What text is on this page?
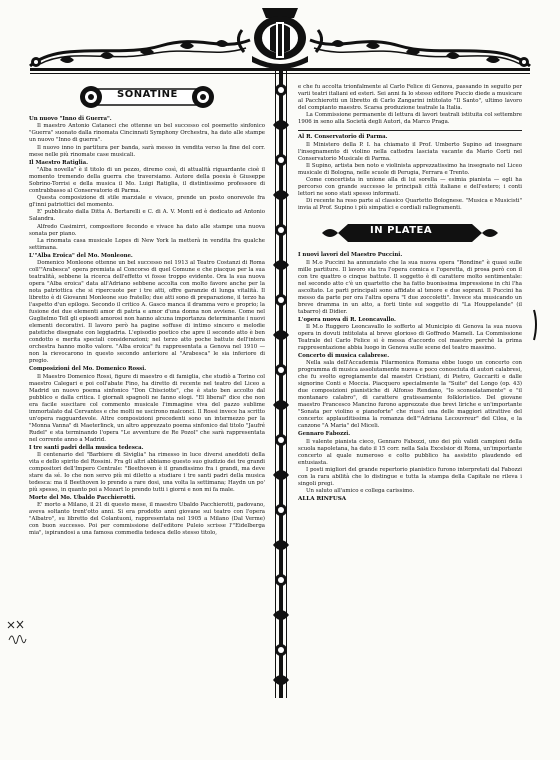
SONATINE

Un nuovo "Inno di Guerra".

Il maestro Antonio Cataneci che ottenne un bel successo col poemetto sinfonico "Guerra" suonato dalla rinomata Cincinnati Symphony Orchestra, ha dato alle stampe un nuovo "Inno di guerra".

Il nuovo inno in partitura per banda, sarà messo in vendita verso la fine del corr. mese nelle più rinomate case musicali.

Il Maestro Ratiglia.

"Alba novella" è il titolo di un pezzo, diremo così, di attualità riguardante cioè il momento tremendo della guerra che traversiamo. Autore della poesia è Giuseppe Sobrino-Torrisi e della musica il Mo. Luigi Ratiglia, il distintissimo professore di contrabbasso al Conservatorio di Parma.

Questa composizione di stile marziale e vivace, prende un posto onorevole fra gl'inni patriottici del momento.

E' pubblicato dalla Ditta A. Bertarelli e C. di A. V. Monti ed è dedicato ad Antonio Salandra.

Alfredo Casimirri, compositore fecondo e vivace ha dato alle stampe una nuova sonata per piano.

La rinomata casa musicale Lopes di New York la metterà in vendita fra qualche settimana.

L'"Alba Eroica" del Mo. Monleone.

Domenico Monleone ottenne un bel successo nel 1913 al Teatro Costanzi di Roma coll'"Arabesca" opera premiata al Concorso di quel Comune e che piacque per la sua teatralità, sebbene la ricerca dell'effetto vi fosse troppo evidente. Ora la sua nuova opera "Alba eroica" data all'Adriano sebbene accolta con molto favore anche per la nota patriottica che si ripercuote per i tre atti, offre garanzie di lunga vitalità. Il libretto è di Giovanni Monleone suo fratello; due atti sono di preparazione, il terzo ha l'aspetto d'un epilogo. Secondo il critico A. Gasco manca il dramma vero e proprio; la fusione dei due elementi amor di patria e amor d'una donna non avviene. Come nel Guglielmo Tell gli episodi amorosi non hanno alcuna importanza determinante i nuovi elementi decorativi. Il lavoro però ha pagine soffuse di intimo sincero e melodie patetiche disegnate con leggiadria. L'episodio poetico che apre il secondo atto è ben condotto e merita speciali considerazioni; nel terzo atto poche battute dell'intera orchestra hanno molto valore. "Alba eroica" fu rappresentata a Genova nel 1910 — non la rievocarono in questo secondo anteriore al "Arabesca" le sia inferiore di pregio.

Composizioni del Mo. Domenico Rossi.

Il Maestro Domenico Rossi, figure di maestro e di famiglia, che studiò a Torino col maestro Calegari e poi coll'abate Fino, ha diretto di recente nel teatro del Liceo a Madrid un nuovo poema sinfonico "Don Chisciotte", che è stato ben accolto dal pubblico e dalla critica. I giornali spagnoli ne fanno elogi. "El liberal" dice che non era facile suscitare col commento musicale l'immagine viva del pazzo sublime immortalato dal Cervantes e che molti ne uscirono malconci. Il Rossi invece ha scritto un'opera ragguardevole. Altre composizioni precedenti sono un intermezzo per la "Monna Vanna" di Maeterlinck, un altro apprezzato poema sinfonico dal titolo "Jaufré Rudel" e sta terminando l'opera "Le avventure de Re Pozol" che sarà rappresentata nel corrente anno a Madrid.

I tre santi padri della musica tedesca.

Il centenario del "Barbiere di Siviglia" ha rimesso in luce diversi aneddoti della vita e dello spirito del Rossini. Fra gli altri abbiamo questo suo giudizio dei tre grandi compositori dell'Impero Centrale: "Beethoven è il grandissimo fra i grandi, ma deve stare da sé. Io che non servo più mi diletto a studiare i tre santi padri della musica tedesca: ma il Beethoven lo prendo a rare dosi, una volta la settimana; Haydn un po' più spesso, in quanto poi a Mozart lo prendo tutti i giorni e non mi fa male.

Morte del Mo. Ubaldo Pacchierotti.

E' morto a Milano, il 21 di questo mese, il maestro Ubaldo Pacchierotti, padovano, aveva soltanto trent'otto anni. Si era prodotto anni giovane sui teatro con l'opera "Albatro", su libretto del Colantuoni, rappresentata nel 1905 a Milano (Dal Verme) con buon successo. Poi per commissione dell'editore Puleio scrisse l'"Eidelberga mia", ispirandosi a una famosa commedia tedesca dello stesso titolo,

e che fu accolta trionfalmente al Carlo Felice di Genova, passando in seguito per varii teatri italiani ed esteri. Sei anni fa lo stesso editore Puccio diede a musicare al Pacchierotti un libretto di Carlo Zangarini intitolato "Il Santo", ultimo lavoro del compianto maestro. Scarsa produzione teatrale la Italia.

La Commissione permanente di lettura di lavori teatrali istituita col settembre 1906 in seno alla Società degli Autori, da Marco Praga.

Al R. Conservatorio di Parma.

Il Ministero della P. I. ha chiamato il Prof. Umberto Supino ad insegnare l'insegnamento di violino nella cattedra lasciata vacante da Mario Corti nel Conservatorio Musicale di Parma.

Il Supino, artista ben noto e violinista apprezzatissimo ha insegnato nel Liceo musicale di Bologna, nelle scuole di Perugia, Ferrara e Trento.

Come concertista in unione alla di lui sorella — esimia pianista — egli ha percorso con grande successo le principali città italiane e dell'estero; i conti lettori ne sono stati spesso informati.

Di recente ha reso parte al classico Quartetto Bolognese. "Musica e Musicisti" invia al Prof. Supino i più simpatici e cordiali rallegramenti.

IN PLATEA

I nuovi lavori del Maestro Puccini.

Il M.o Puccini ha annunziato che la sua nuova opera "Rondine" è quasi sulle mille partiture. Il lavoro sta tra l'opera comica e l'operetta, di prosa però con il con tre quattro o cinque battute. Il soggetto è di carattere molto sentimentale: nel secondo atto c'è un quartetto che ha fatto buonissima impressione in chi l'ha ascoltato. Le parti principali sono affidate al tenore e due soprani. Il Puccini ha messo da parte per ora l'altra opera "I due zoccoletti". Invece sta musicando un breve dramma in un atto, a forti tinte sul soggetto di "La Houppelande" (il tabarro) di Didier.

L'opera nuova di R. Leoncavallo.

Il M.o Ruggero Leoncavallo lo sofferto al Municipio di Genova la sua nuova opera in dovuti intitolata al breve glorioso di Goffredo Mameli. La Commissione Teatrale del Carlo Felice si è messa d'accordo col maestro perchè la prima rappresentazione abbia luogo in Genova sulle scene del teatro massimo.

Concerto di musica calabrese.

Nella sala dell'Accademia Filarmonica Romana ebbe luogo un concerto con programma di musica assolutamente nuova e poco conosciuta di autori calabresi, che fu svolto egregiamente dal maestri Cristiani, di Pietro, Guccariti e dalle signorine Conti e Moccia. Piacquero specialmente la "Suite" del Longo (op. 43) due composizioni pianistiche di Alfonso Rendano, "lo sconsolatamente" e "il montanaro calabro", di carattere gratissamente folkloristico. Del giovane maestro Francesco Mancino furono apprezzate due brevi liriche e un'importante "Sonata per violino e pianoforte" che riuscì una delle maggiori attrattive del concerto: applauditissima la romanza dell'"Adriana Lecouvreur" del Cilea, e la canzone "A Maria" del Miceli.

Gennaro Fabozzi.

Il valente pianista cieco, Gennaro Fabozzi, uno dei più validi campioni della scuola napoletana, ha dato il 15 corr. nella Sala Excelsior di Roma, un'importante concerto al quale numeroso e colto pubblico ha assistito plaudendo ed entusiasta.

I posti migliori del grande repertorio pianistico furono interpretati dal Fabozzi con la rara abilità che lo distingue e tutta la stampa della Capitale ne rileva i singoli pregi.

Un saluto all'amico e collega carissimo.

ALLA RINFUSA
